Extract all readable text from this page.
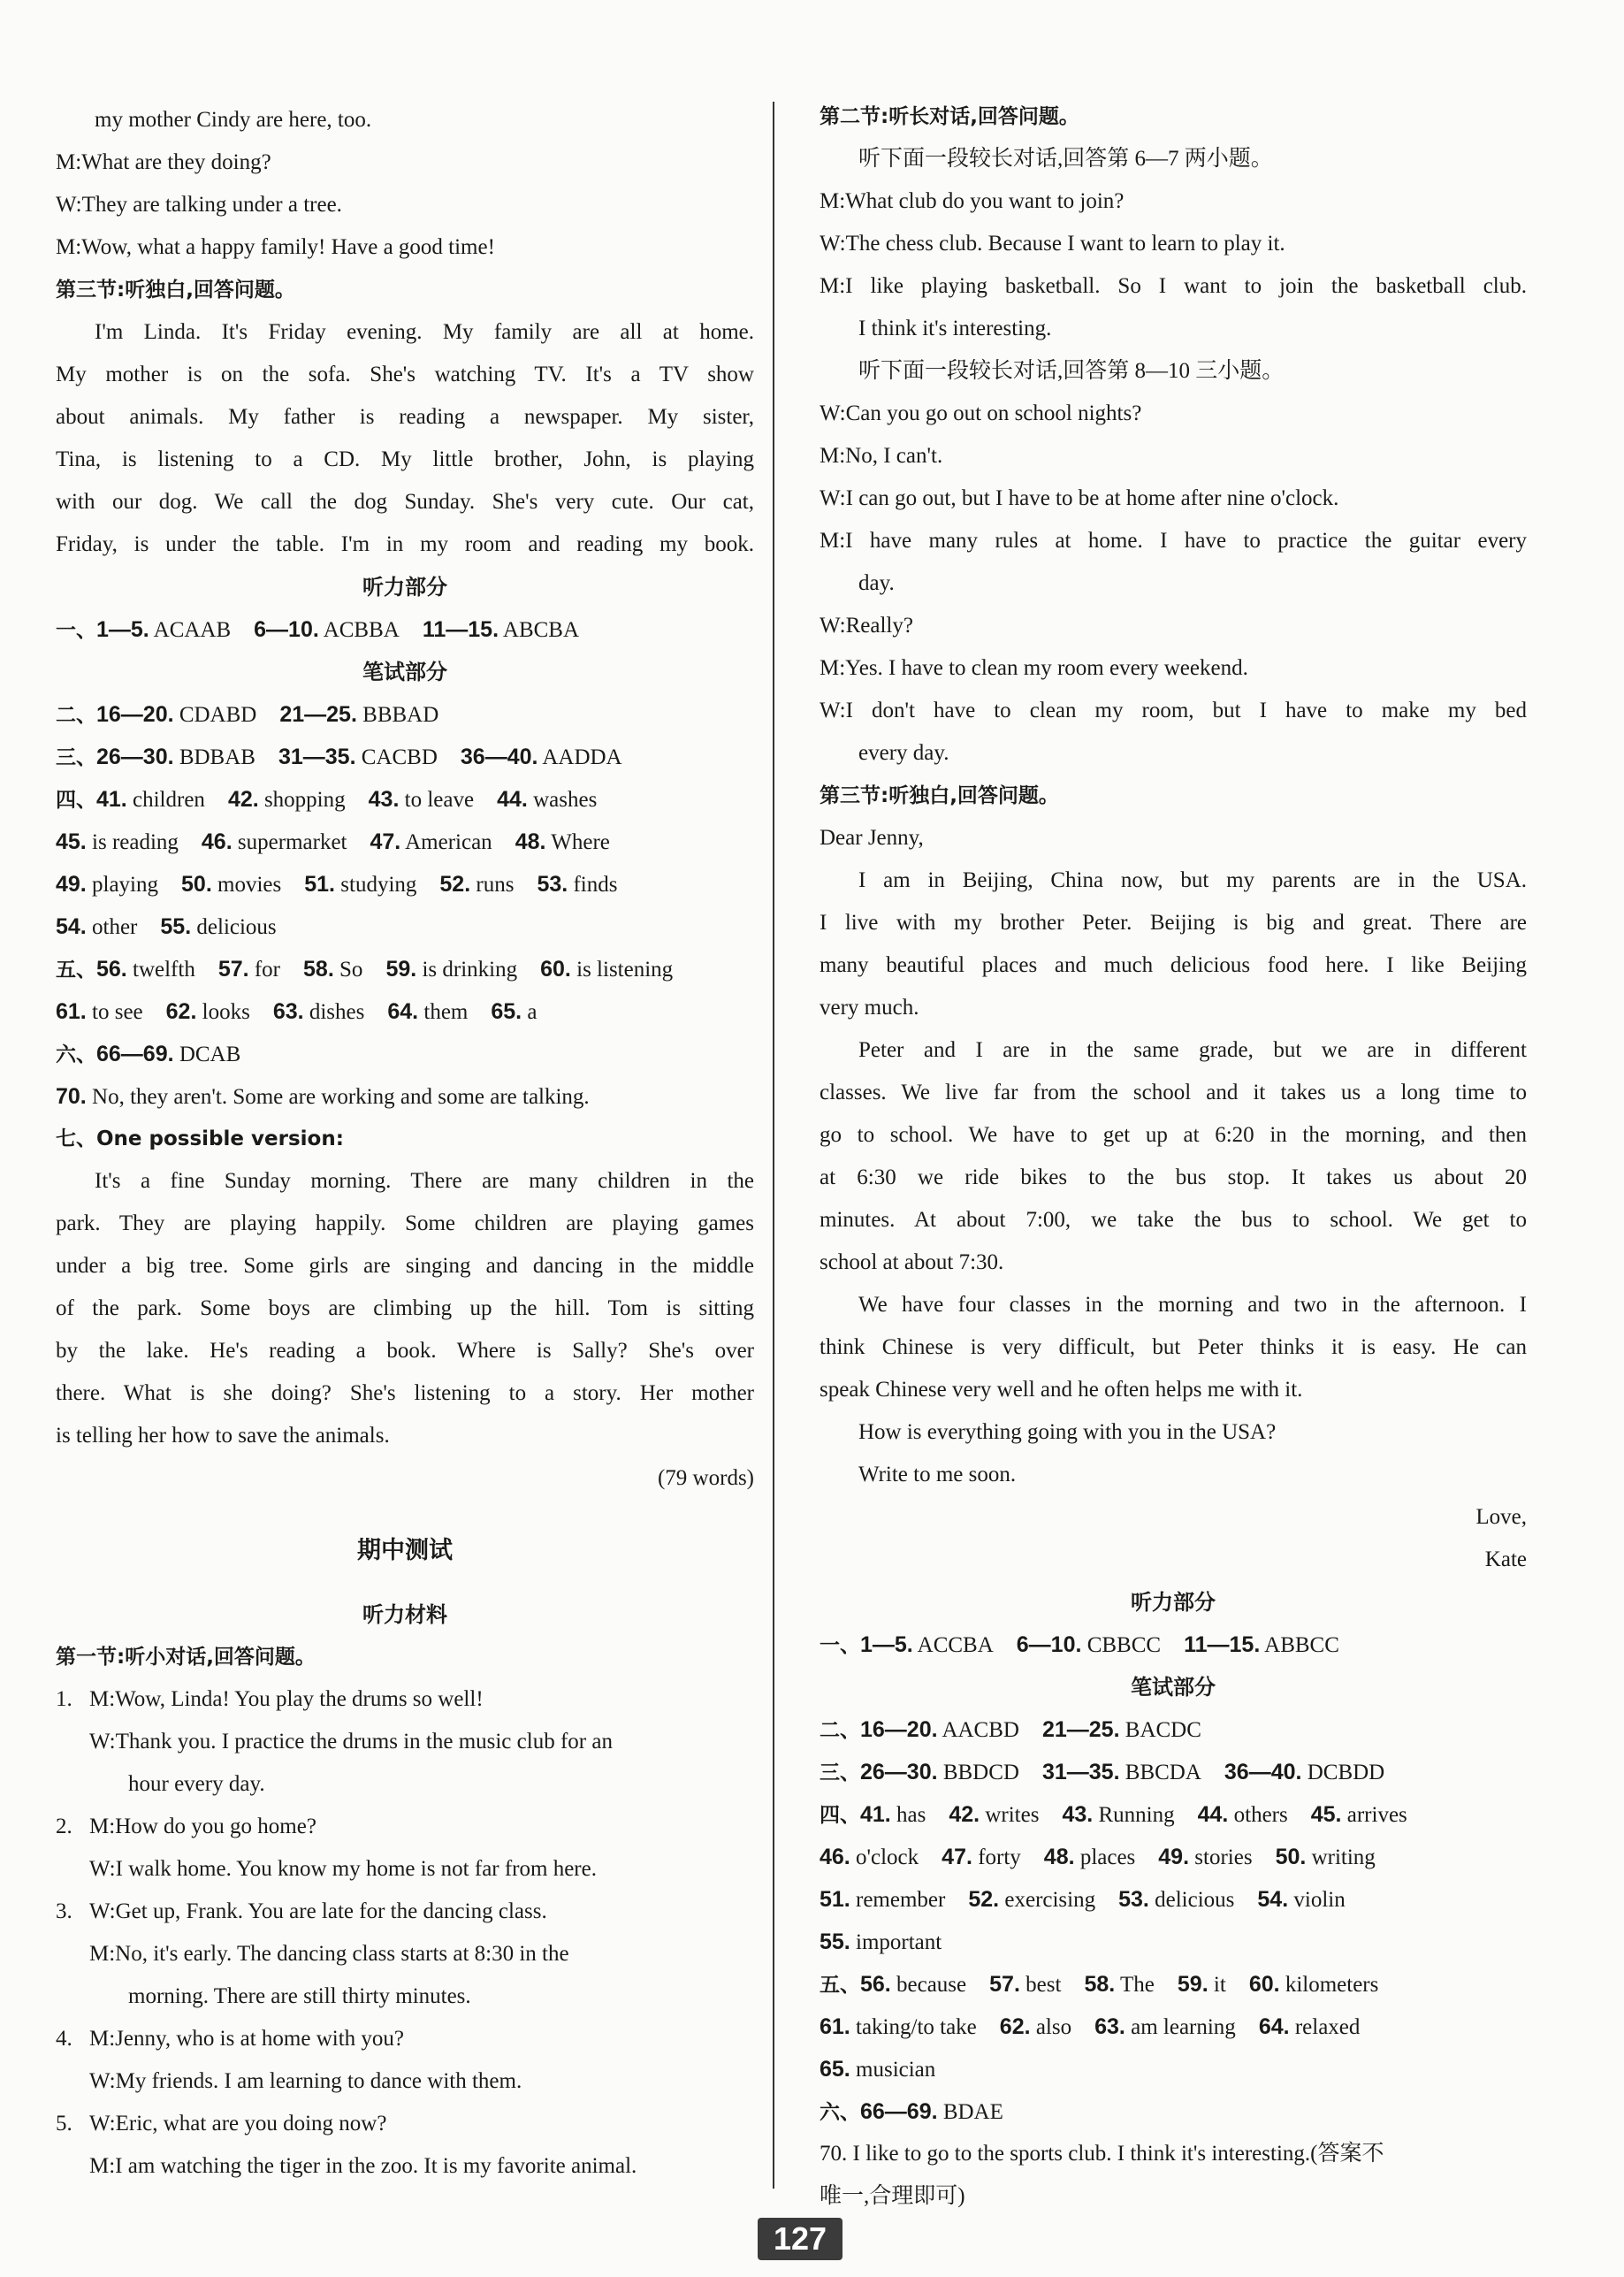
my mother Cindy are here, too.
M:What are they doing?
W:They are talking under a tree.
M:Wow, what a happy family! Have a good time!
第三节:听独白,回答问题。
I'm Linda. It's Friday evening. My family are all at home.
My mother is on the sofa. She's watching TV. It's a TV show
about animals. My father is reading a newspaper. My sister,
Tina, is listening to a CD. My little brother, John, is playing
with our dog. We call the dog Sunday. She's very cute. Our cat,
Friday, is under the table. I'm in my room and reading my book.
听力部分
一、1—5. ACAAB 6—10. ACBBA 11—15. ABCBA
笔试部分
二、16—20. CDABD 21—25. BBBAD
三、26—30. BDBAB 31—35. CACBD 36—40. AADDA
四、41. children 42. shopping 43. to leave 44. washes
45. is reading 46. supermarket 47. American 48. Where
49. playing 50. movies 51. studying 52. runs 53. finds
54. other 55. delicious
五、56. twelfth 57. for 58. So 59. is drinking 60. is listening
61. to see 62. looks 63. dishes 64. them 65. a
六、66—69. DCAB
70. No, they aren't. Some are working and some are talking.
七、One possible version:
It's a fine Sunday morning. There are many children in the
park. They are playing happily. Some children are playing games
under a big tree. Some girls are singing and dancing in the middle
of the park. Some boys are climbing up the hill. Tom is sitting
by the lake. He's reading a book. Where is Sally? She's over
there. What is she doing? She's listening to a story. Her mother
is telling her how to save the animals.
(79 words)
期中测试
听力材料
第一节:听小对话,回答问题。
1. M:Wow, Linda! You play the drums so well!
W:Thank you. I practice the drums in the music club for an
hour every day.
2. M:How do you go home?
W:I walk home. You know my home is not far from here.
3. W:Get up, Frank. You are late for the dancing class.
M:No, it's early. The dancing class starts at 8:30 in the
morning. There are still thirty minutes.
4. M:Jenny, who is at home with you?
W:My friends. I am learning to dance with them.
5. W:Eric, what are you doing now?
M:I am watching the tiger in the zoo. It is my favorite animal.
第二节:听长对话,回答问题。
听下面一段较长对话,回答第 6—7 两小题。
M:What club do you want to join?
W:The chess club. Because I want to learn to play it.
M:I like playing basketball. So I want to join the basketball club.
I think it's interesting.
听下面一段较长对话,回答第 8—10 三小题。
W:Can you go out on school nights?
M:No, I can't.
W:I can go out, but I have to be at home after nine o'clock.
M:I have many rules at home. I have to practice the guitar every
day.
W:Really?
M:Yes. I have to clean my room every weekend.
W:I don't have to clean my room, but I have to make my bed
every day.
第三节:听独白,回答问题。
Dear Jenny,
I am in Beijing, China now, but my parents are in the USA.
I live with my brother Peter. Beijing is big and great. There are
many beautiful places and much delicious food here. I like Beijing
very much.
Peter and I are in the same grade, but we are in different
classes. We live far from the school and it takes us a long time to
go to school. We have to get up at 6:20 in the morning, and then
at 6:30 we ride bikes to the bus stop. It takes us about 20
minutes. At about 7:00, we take the bus to school. We get to
school at about 7:30.
We have four classes in the morning and two in the afternoon. I
think Chinese is very difficult, but Peter thinks it is easy. He can
speak Chinese very well and he often helps me with it.
How is everything going with you in the USA?
Write to me soon.
Love,
Kate
听力部分
一、1—5. ACCBA 6—10. CBBCC 11—15. ABBCC
笔试部分
二、16—20. AACBD 21—25. BACDC
三、26—30. BBDCD 31—35. BBCDA 36—40. DCBDD
四、41. has 42. writes 43. Running 44. others 45. arrives
46. o'clock 47. forty 48. places 49. stories 50. writing
51. remember 52. exercising 53. delicious 54. violin
55. important
五、56. because 57. best 58. The 59. it 60. kilometers
61. taking/to take 62. also 63. am learning 64. relaxed
65. musician
六、66—69. BDAE
70. I like to go to the sports club. I think it's interesting.(答案不
唯一,合理即可)
127
